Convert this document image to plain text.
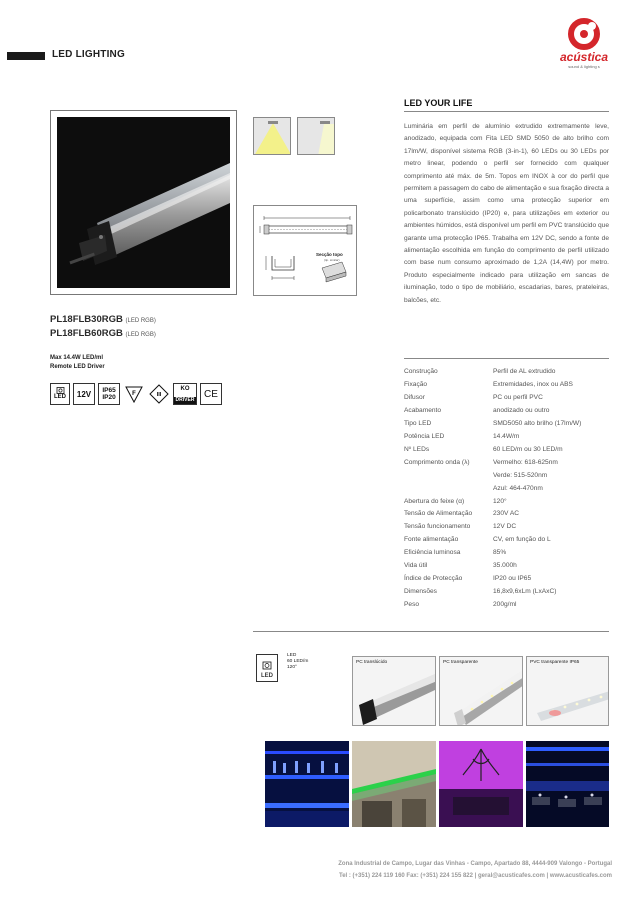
LED LIGHTING	acústica
sound & lighting s
PL18FLB30RGB (LED RGB)
PL18FLB60RGB (LED RGB)
Max 14.4W LED/ml
Remote LED Driver
LED	12V	IP65
IP20	F	III
KO
DRIVER
CE
Secção topo
(tip. similar)
LED YOUR LIFE
Luminária em perfil de alumínio extrudido extremamente leve, anodizado, equipada com Fita LED SMD 5050 de alto brilho com 17lm/W, disponível sistema RGB (3-in-1), 60 LEDs ou 30 LEDs por metro linear, podendo o perfil ser fornecido com qualquer comprimento até máx. de 5m. Topos em INOX à cor do perfil que permitem a passagem do cabo de alimentação e sua fixação directa a uma superfície, assim como uma protecção superior em policarbonato translúcido (IP20) e, para utilizações em exterior ou ambientes húmidos, está disponível um perfil em PVC translúcido que garante uma protecção IP65. Trabalha em 12V DC, sendo a fonte de alimentação escolhida em função do comprimento de perfil utilizado com base num consumo aproximado de 1,2A (14,4W) por metro. Produto especialmente indicado para utilização em sancas de iluminação, todo o tipo de mobiliário, escadarias, bares, prateleiras, balcões, etc.
Construção	Perfil de AL extrudido
Fixação	Extremidades, inox ou ABS
Difusor	PC ou perfil PVC
Acabamento	anodizado ou outro
Tipo LED	SMD5050 alto brilho (17lm/W)
Potência LED	14.4W/m
Nº LEDs	60 LED/m ou 30 LED/m
Comprimento onda (λ)	Vermelho: 618-625nm
Verde: 515-520nm
Azul: 464-470nm
Abertura do feixe (α)	120°
Tensão de Alimentação	230V AC
Tensão funcionamento	12V DC
Fonte alimentação	CV, em função do L
Eficiência luminosa	85%
Vida útil	35.000h
Índice de Protecção	IP20 ou IP65
Dimensões	16,8x9,6xLm (LxAxC)
Peso	200g/ml
LED
LED
60 LED/m
120°
PC translúcido	PC transparente	PVC transparente IP65
Zona Industrial de Campo, Lugar das Vinhas - Campo, Apartado 88, 4444-909 Valongo - Portugal
Tel : (+351) 224 119 160 Fax: (+351) 224 155 822 | geral@acusticafes.com | www.acusticafes.com
